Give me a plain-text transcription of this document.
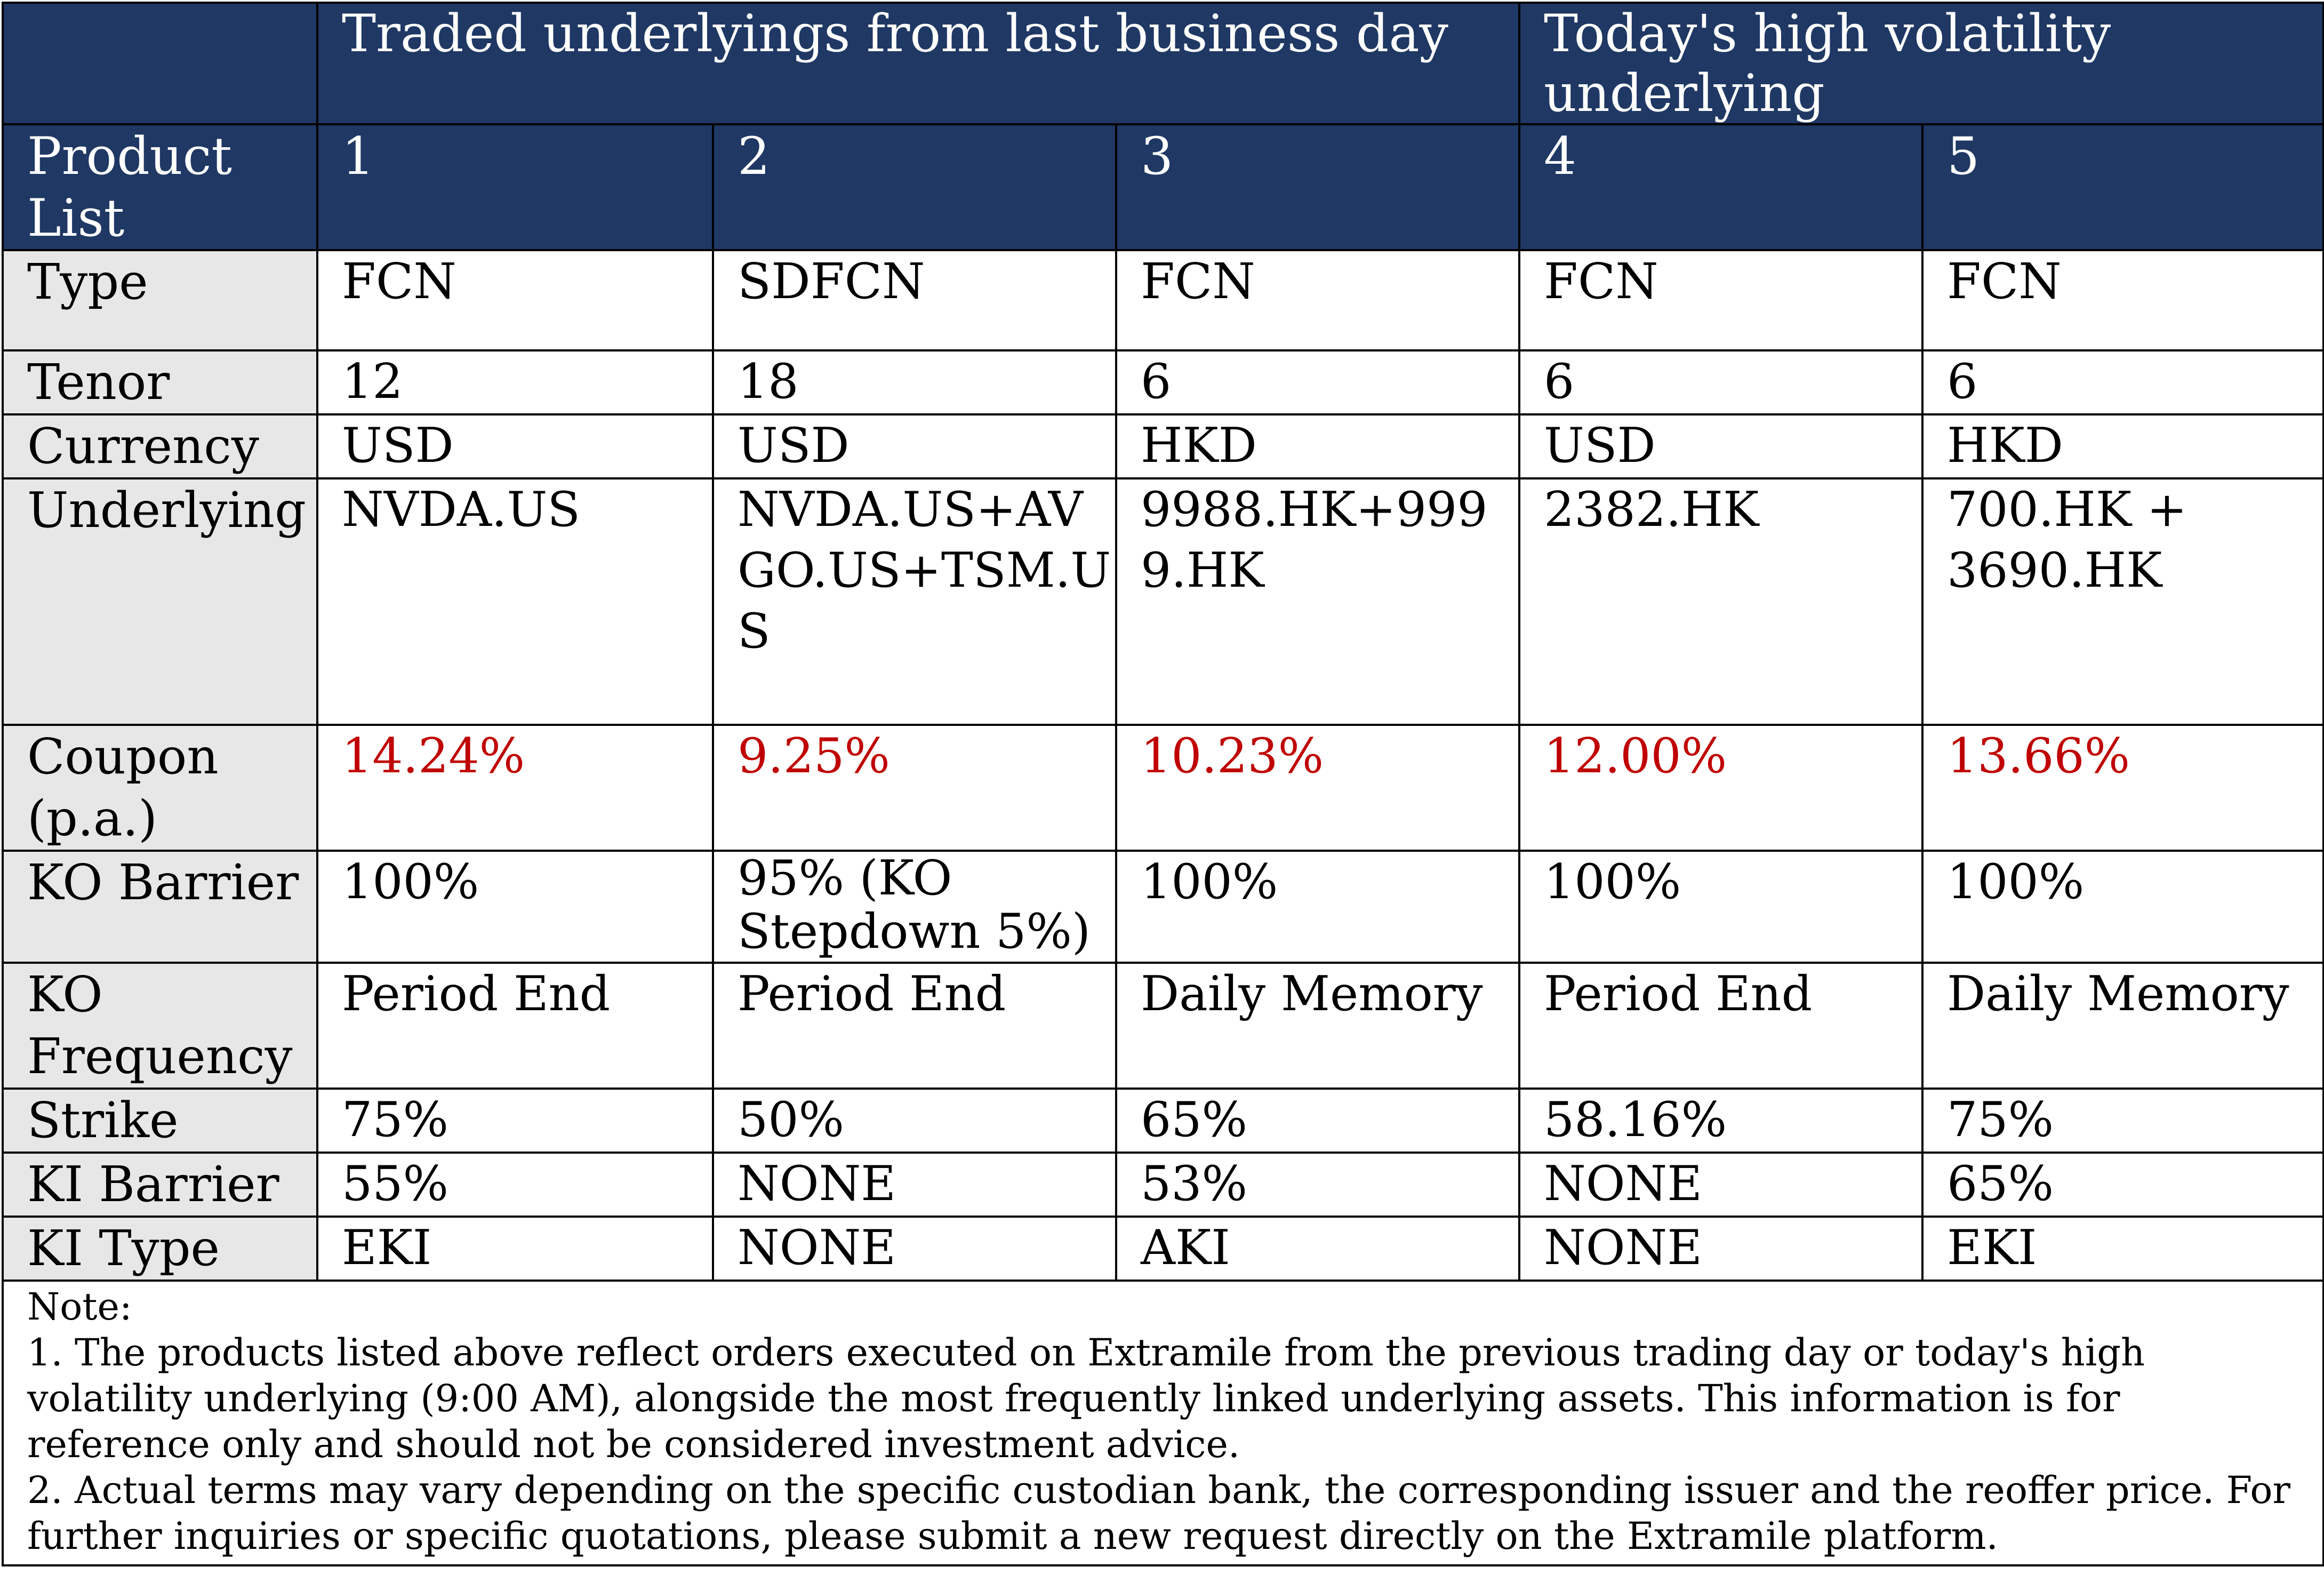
	Traded underlyings from last business day			Today's high volatility underlying	
Product List	1	2	3	4	5
Type	FCN	SDFCN	FCN	FCN	FCN
Tenor	12	18	6	6	6
Currency	USD	USD	HKD	USD	HKD
Underlying	NVDA.US	NVDA.US+AVGO.US+TSM.US	9988.HK+9999.HK	2382.HK	700.HK + 3690.HK
Coupon (p.a.)	14.24%	9.25%	10.23%	12.00%	13.66%
KO Barrier	100%	95% (KO Stepdown 5%)	100%	100%	100%
KO Frequency	Period End	Period End	Daily Memory	Period End	Daily Memory
Strike	75%	50%	65%	58.16%	75%
KI Barrier	55%	NONE	53%	NONE	65%
KI Type	EKI	NONE	AKI	NONE	EKI

Note:
1. The products listed above reflect orders executed on Extramile from the previous trading day or today's high volatility underlying (9:00 AM), alongside the most frequently linked underlying assets. This information is for reference only and should not be considered investment advice.
2. Actual terms may vary depending on the specific custodian bank, the corresponding issuer and the reoffer price. For further inquiries or specific quotations, please submit a new request directly on the Extramile platform.					
